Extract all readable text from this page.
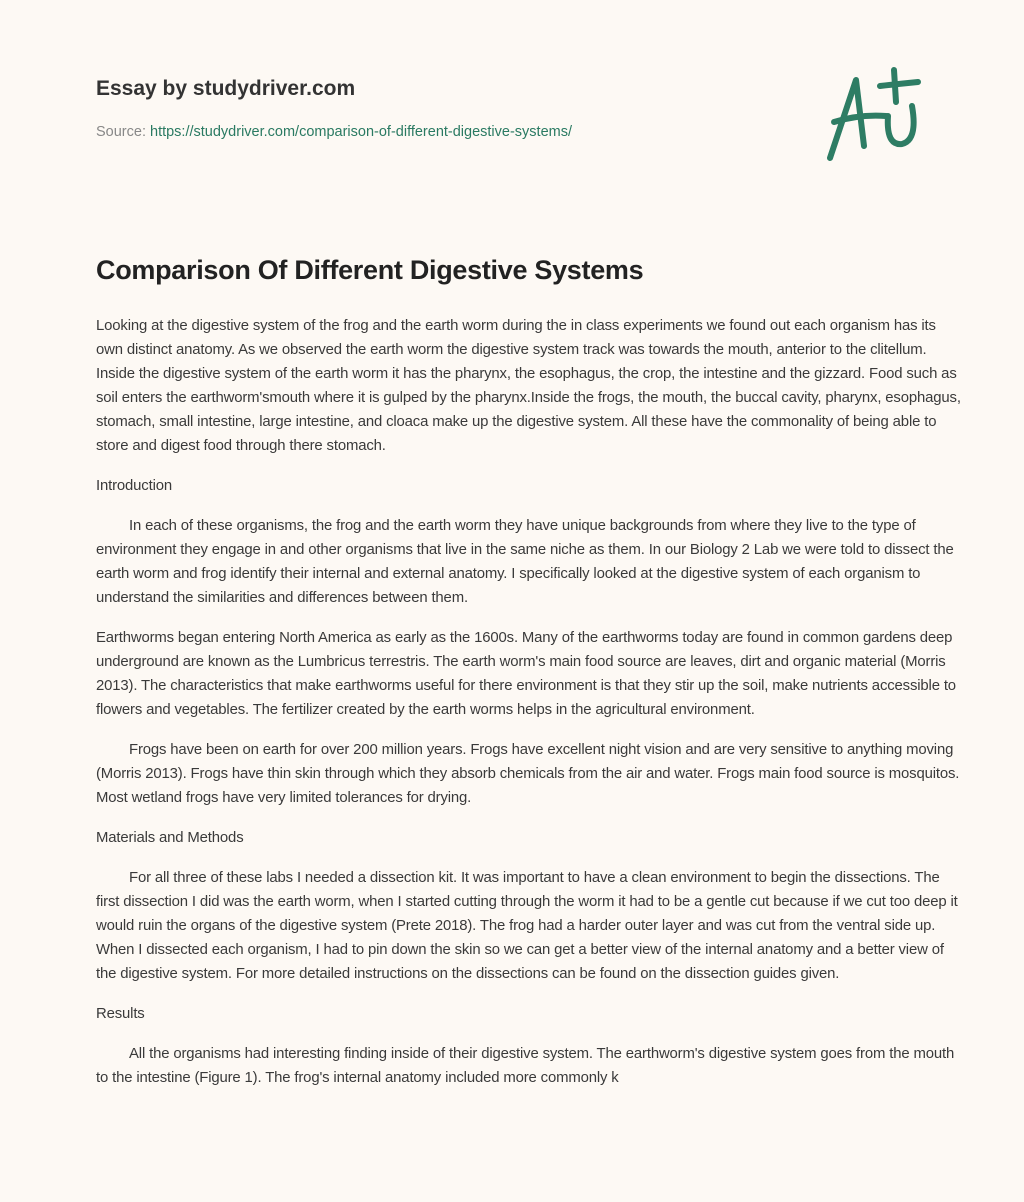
Essay by studydriver.com
Source: https://studydriver.com/comparison-of-different-digestive-systems/
Comparison Of Different Digestive Systems

Looking at the digestive system of the frog and the earth worm during the in class experiments we found out each organism has its own distinct anatomy. As we observed the earth worm the digestive system track was towards the mouth, anterior to the clitellum. Inside the digestive system of the earth worm it has the pharynx, the esophagus, the crop, the intestine and the gizzard. Food such as soil enters the earthworm'smouth where it is gulped by the pharynx.Inside the frogs, the mouth, the buccal cavity, pharynx, esophagus, stomach, small intestine, large intestine, and cloaca make up the digestive system. All these have the commonality of being able to store and digest food through there stomach.

Introduction

In each of these organisms, the frog and the earth worm they have unique backgrounds from where they live to the type of environment they engage in and other organisms that live in the same niche as them. In our Biology 2 Lab we were told to dissect the earth worm and frog identify their internal and external anatomy. I specifically looked at the digestive system of each organism to understand the similarities and differences between them.

Earthworms began entering North America as early as the 1600s. Many of the earthworms today are found in common gardens deep underground are known as the Lumbricus terrestris. The earth worm's main food source are leaves, dirt and organic material (Morris 2013). The characteristics that make earthworms useful for there environment is that they stir up the soil, make nutrients accessible to flowers and vegetables. The fertilizer created by the earth worms helps in the agricultural environment.

Frogs have been on earth for over 200 million years. Frogs have excellent night vision and are very sensitive to anything moving (Morris 2013). Frogs have thin skin through which they absorb chemicals from the air and water. Frogs main food source is mosquitos. Most wetland frogs have very limited tolerances for drying.

Materials and Methods

For all three of these labs I needed a dissection kit. It was important to have a clean environment to begin the dissections. The first dissection I did was the earth worm, when I started cutting through the worm it had to be a gentle cut because if we cut too deep it would ruin the organs of the digestive system (Prete 2018). The frog had a harder outer layer and was cut from the ventral side up. When I dissected each organism, I had to pin down the skin so we can get a better view of the internal anatomy and a better view of the digestive system. For more detailed instructions on the dissections can be found on the dissection guides given.

Results

All the organisms had interesting finding inside of their digestive system. The earthworm's digestive system goes from the mouth to the intestine (Figure 1). The frog's internal anatomy included more commonly k
